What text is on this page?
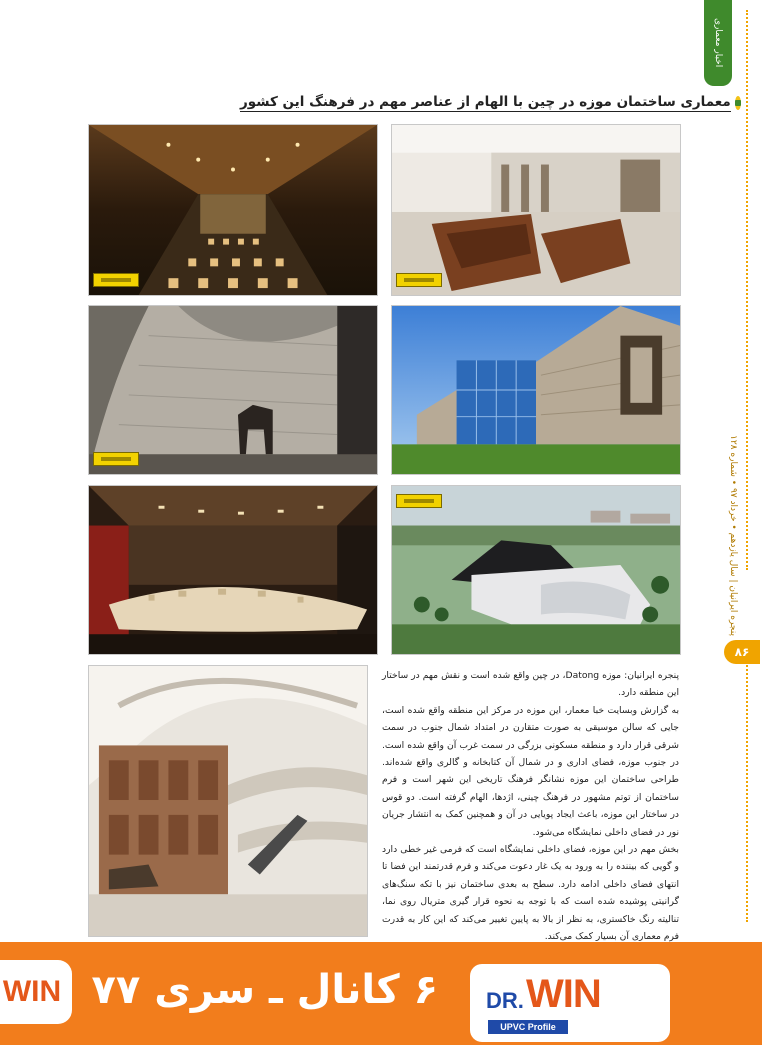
اخبار معماری
پنجره ایرانیان | سال یازدهم • خرداد ۹۷ • شماره ۱۲۸
۸۶
معماری ساختمان موزه در چین با الهام از عناصر مهم در فرهنگ این کشور

پنجره ایرانیان: موزه Datong، در چین واقع شده است و نقش مهم در ساختار این منطقه دارد.

به گزارش وبسایت خبا معمار، این موزه در مرکز این منطقه واقع شده است، جایی که سالن موسیقی به صورت متقارن در امتداد شمال جنوب در سمت شرقی قرار دارد و منطقه مسکونی بزرگی در سمت غرب آن واقع شده است. در جنوب موزه، فضای اداری و در شمال آن کتابخانه و گالری واقع شده‌اند. طراحی ساختمان این موزه نشانگر فرهنگ تاریخی این شهر است و فرم ساختمان از توتم مشهور در فرهنگ چینی، اژدها، الهام گرفته است. دو قوس در ساختار این موزه، باعث ایجاد پویایی در آن و همچنین کمک به انتشار جریان نور در فضای داخلی نمایشگاه می‌شود.

بخش مهم در این موزه، فضای داخلی نمایشگاه است که فرمی غیر خطی دارد و گویی که بیننده را به ورود به یک غار دعوت می‌کند و فرم قدرتمند این فضا تا انتهای فضای داخلی ادامه دارد. سطح به بعدی ساختمان نیز با تکه سنگ‌های گرانیتی پوشیده شده است که با توجه به نحوه قرار گیری متریال روی نما، تنالیته رنگ خاکستری، به نظر از بالا به پایین تغییر می‌کند که این کار به قدرت فرم معماری آن بسیار کمک می‌کند.

WIN ۶ کانال ـ سری ۷۷ DR. WIN
UPVC Profile
